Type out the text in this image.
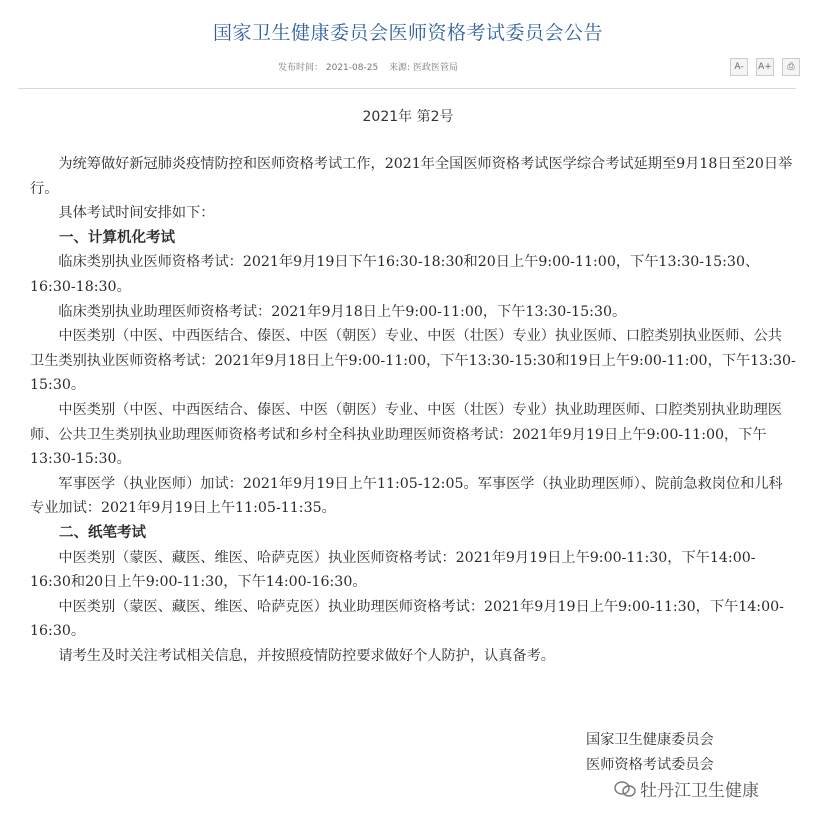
国家卫生健康委员会医师资格考试委员会公告
发布时间： 2021-08-25 来源: 医政医管局	A-	A+	⎙
2021年 第2号

为统筹做好新冠肺炎疫情防控和医师资格考试工作，2021年全国医师资格考试医学综合考试延期至9月18日至20日举行。

具体考试时间安排如下：

一、计算机化考试

临床类别执业医师资格考试：2021年9月19日下午16:30-18:30和20日上午9:00-11:00，下午13:30-15:30、16:30-18:30。

临床类别执业助理医师资格考试：2021年9月18日上午9:00-11:00，下午13:30-15:30。

中医类别（中医、中西医结合、傣医、中医（朝医）专业、中医（壮医）专业）执业医师、口腔类别执业医师、公共卫生类别执业医师资格考试：2021年9月18日上午9:00-11:00，下午13:30-15:30和19日上午9:00-11:00，下午13:30-15:30。

中医类别（中医、中西医结合、傣医、中医（朝医）专业、中医（壮医）专业）执业助理医师、口腔类别执业助理医师、公共卫生类别执业助理医师资格考试和乡村全科执业助理医师资格考试：2021年9月19日上午9:00-11:00，下午13:30-15:30。

军事医学（执业医师）加试：2021年9月19日上午11:05-12:05。军事医学（执业助理医师）、院前急救岗位和儿科专业加试：2021年9月19日上午11:05-11:35。

二、纸笔考试

中医类别（蒙医、藏医、维医、哈萨克医）执业医师资格考试：2021年9月19日上午9:00-11:30，下午14:00-16:30和20日上午9:00-11:30，下午14:00-16:30。

中医类别（蒙医、藏医、维医、哈萨克医）执业助理医师资格考试：2021年9月19日上午9:00-11:30，下午14:00-16:30。

请考生及时关注考试相关信息，并按照疫情防控要求做好个人防护，认真备考。

国家卫生健康委员会
医师资格考试委员会
牡丹江卫生健康
